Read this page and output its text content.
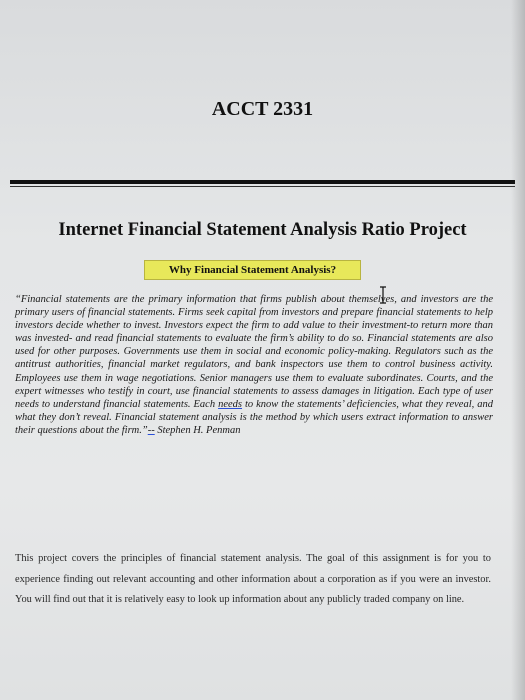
ACCT 2331
Internet Financial Statement Analysis Ratio Project
Why Financial Statement Analysis?

“Financial statements are the primary information that firms publish about themselves, and investors are the primary users of financial statements. Firms seek capital from investors and prepare financial statements to help investors decide whether to invest. Investors expect the firm to add value to their investment-to return more than was invested- and read financial statements to evaluate the firm’s ability to do so. Financial statements are also used for other purposes. Governments use them in social and economic policy-making. Regulators such as the antitrust authorities, financial market regulators, and bank inspectors use them to control business activity. Employees use them in wage negotiations. Senior managers use them to evaluate subordinates. Courts, and the expert witnesses who testify in court, use financial statements to assess damages in litigation. Each type of user needs to understand financial statements. Each needs to know the statements’ deficiencies, what they reveal, and what they don’t reveal. Financial statement analysis is the method by which users extract information to answer their questions about the firm.”-- Stephen H. Penman

This project covers the principles of financial statement analysis. The goal of this assignment is for you to experience finding out relevant accounting and other information about a corporation as if you were an investor. You will find out that it is relatively easy to look up information about any publicly traded company on line.
